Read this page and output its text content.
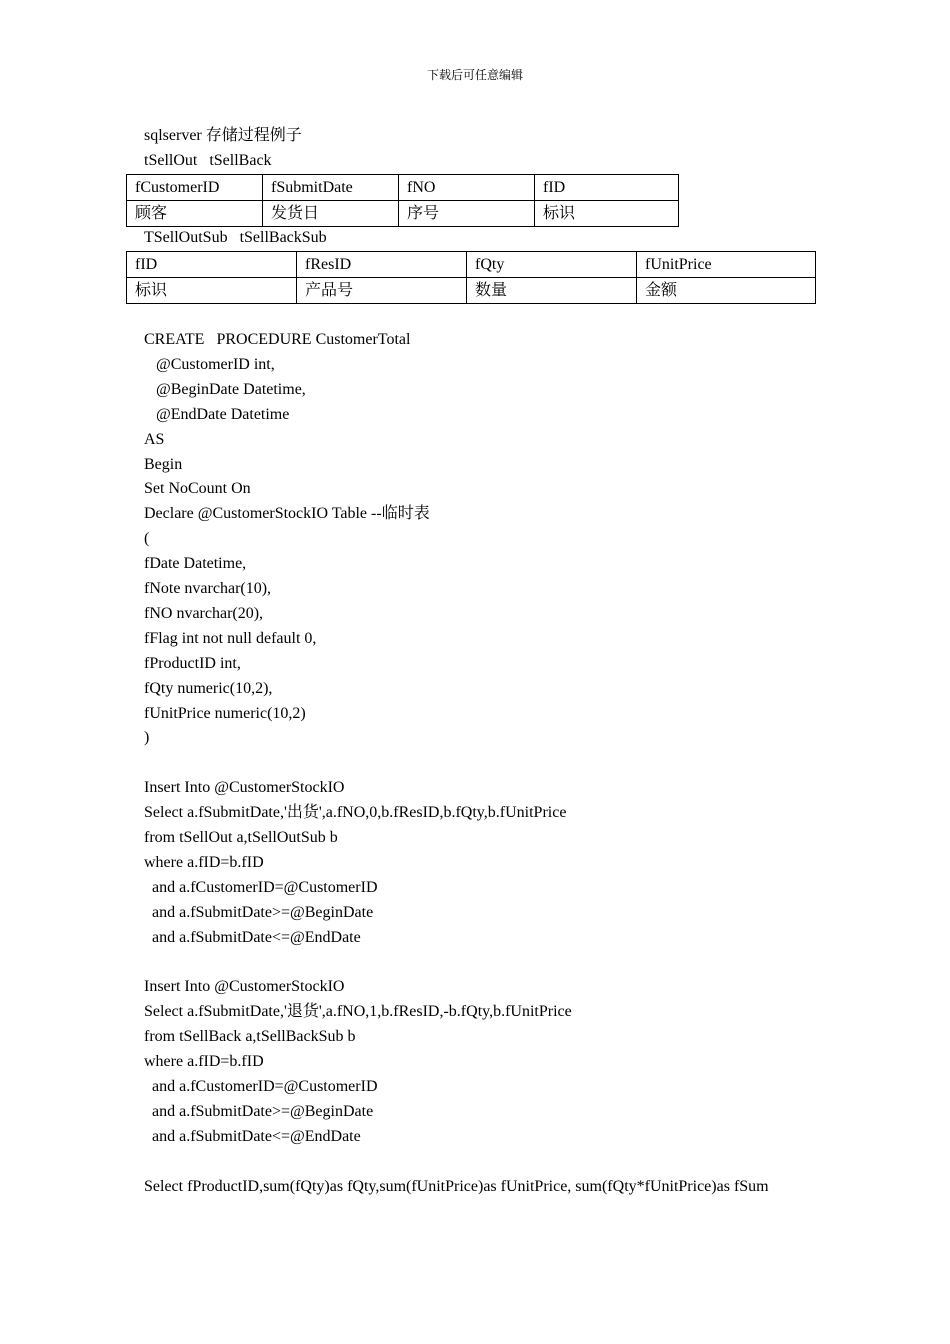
下载后可任意编辑
sqlserver 存储过程例子
tSellOut   tSellBack
fCustomerID	fSubmitDate	fNO	fID
顾客	发货日	序号	标识
TSellOutSub   tSellBackSub
fID	fResID	fQty	fUnitPrice
标识	产品号	数量	金额
CREATE   PROCEDURE CustomerTotal
@CustomerID int,
@BeginDate Datetime,
@EndDate Datetime
AS
Begin
Set NoCount On
Declare @CustomerStockIO Table --临时表
(
fDate Datetime,
fNote nvarchar(10),
fNO nvarchar(20),
fFlag int not null default 0,
fProductID int,
fQty numeric(10,2),
fUnitPrice numeric(10,2)
)
Insert Into @CustomerStockIO
Select a.fSubmitDate,'出货',a.fNO,0,b.fResID,b.fQty,b.fUnitPrice
from tSellOut a,tSellOutSub b
where a.fID=b.fID
and a.fCustomerID=@CustomerID
and a.fSubmitDate>=@BeginDate
and a.fSubmitDate<=@EndDate
Insert Into @CustomerStockIO
Select a.fSubmitDate,'退货',a.fNO,1,b.fResID,-b.fQty,b.fUnitPrice
from tSellBack a,tSellBackSub b
where a.fID=b.fID
and a.fCustomerID=@CustomerID
and a.fSubmitDate>=@BeginDate
and a.fSubmitDate<=@EndDate
Select fProductID,sum(fQty)as fQty,sum(fUnitPrice)as fUnitPrice, sum(fQty*fUnitPrice)as fSum
